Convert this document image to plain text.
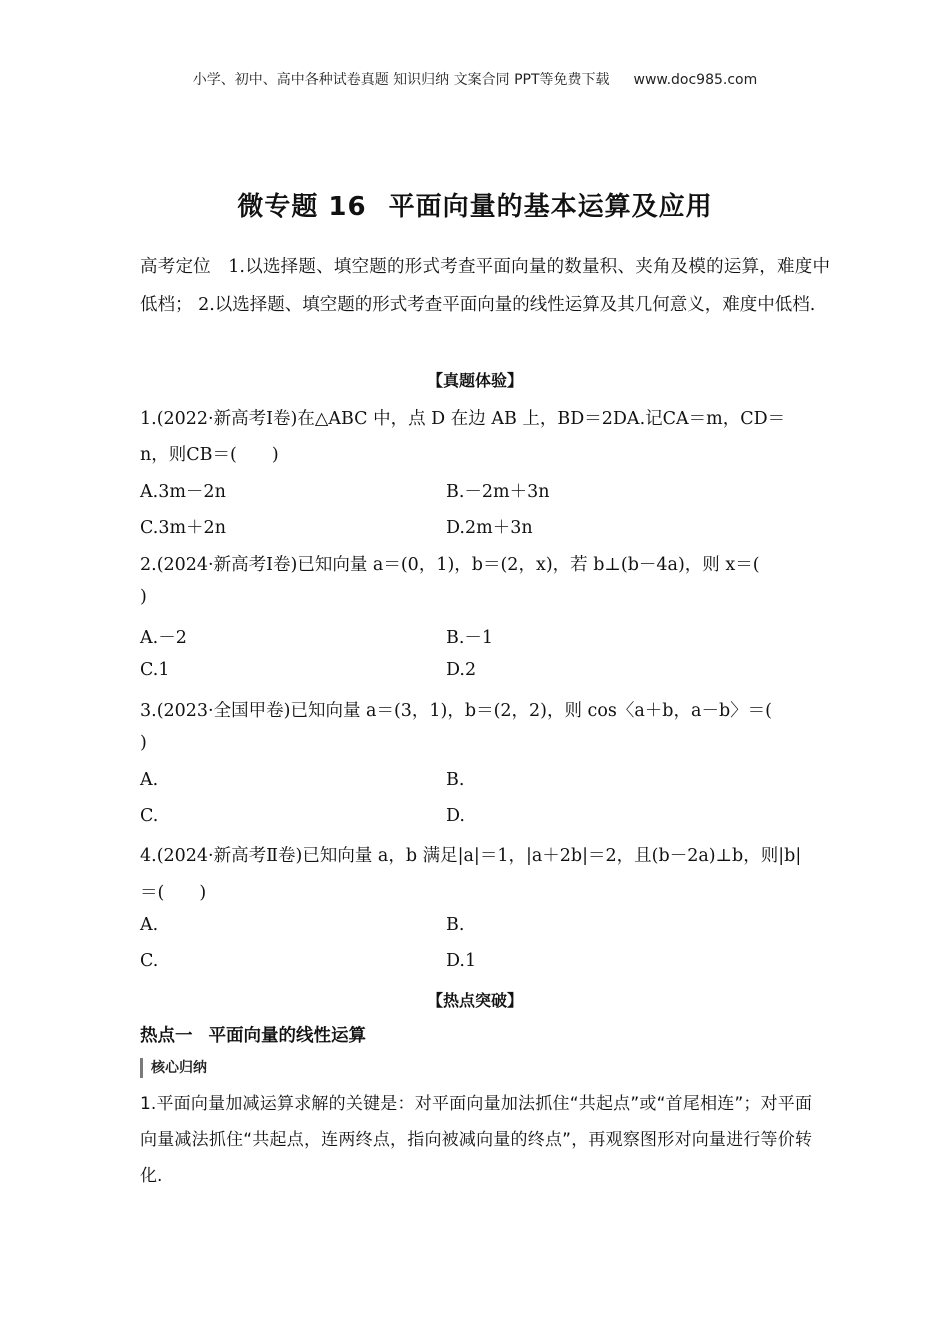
小学、初中、高中各种试卷真题 知识归纳 文案合同 PPT等免费下载 www.doc985.com
微专题 16 平面向量的基本运算及应用
高考定位 1.以选择题、填空题的形式考查平面向量的数量积、夹角及模的运算，难度中低档； 2.以选择题、填空题的形式考查平面向量的线性运算及其几何意义，难度中低档.
【真题体验】
1.(2022·新高考Ⅰ卷)在△ABC 中，点 D 在边 AB 上，BD＝2DA.记CA＝m，CD＝
n，则CB＝(　　)
A.3m－2n	B.－2m＋3n
C.3m＋2n	D.2m＋3n
2.(2024·新高考Ⅰ卷)已知向量 a＝(0，1)，b＝(2，x)，若 b⊥(b－4a)，则 x＝(
)
A.－2	B.－1
C.1	D.2
3.(2023·全国甲卷)已知向量 a＝(3，1)，b＝(2，2)，则 cos〈a＋b，a－b〉＝(
)
A.	B.
C.	D.
4.(2024·新高考Ⅱ卷)已知向量 a，b 满足|a|＝1，|a＋2b|＝2，且(b－2a)⊥b，则|b|
＝(　　)
A.	B.
C.	D.1
【热点突破】
热点一 平面向量的线性运算
核心归纳
1.平面向量加减运算求解的关键是：对平面向量加法抓住“共起点”或“首尾相连”；对平面向量减法抓住“共起点，连两终点，指向被减向量的终点”，再观察图形对向量进行等价转化.
